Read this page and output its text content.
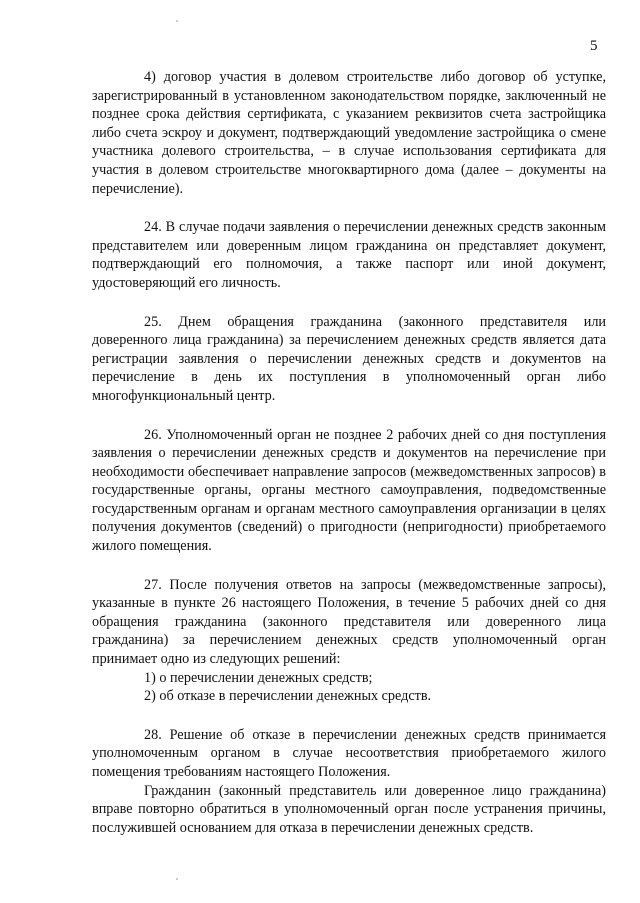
5

4) договор участия в долевом строительстве либо договор об уступке, зарегистрированный в установленном законодательством порядке, заключенный не позднее срока действия сертификата, с указанием реквизитов счета застройщика либо счета эскроу и документ, подтверждающий уведомление застройщика о смене участника долевого строительства, – в случае использования сертификата для участия в долевом строительстве многоквартирного дома (далее – документы на перечисление).

24. В случае подачи заявления о перечислении денежных средств законным представителем или доверенным лицом гражданина он представляет документ, подтверждающий его полномочия, а также паспорт или иной документ, удостоверяющий его личность.

25. Днем обращения гражданина (законного представителя или доверенного лица гражданина) за перечислением денежных средств является дата регистрации заявления о перечислении денежных средств и документов на перечисление в день их поступления в уполномоченный орган либо многофункциональный центр.

26. Уполномоченный орган не позднее 2 рабочих дней со дня поступления заявления о перечислении денежных средств и документов на перечисление при необходимости обеспечивает направление запросов (межведомственных запросов) в государственные органы, органы местного самоуправления, подведомственные государственным органам и органам местного самоуправления организации в целях получения документов (сведений) о пригодности (непригодности) приобретаемого жилого помещения.

27. После получения ответов на запросы (межведомственные запросы), указанные в пункте 26 настоящего Положения, в течение 5 рабочих дней со дня обращения гражданина (законного представителя или доверенного лица гражданина) за перечислением денежных средств уполномоченный орган принимает одно из следующих решений:

1) о перечислении денежных средств;

2) об отказе в перечислении денежных средств.

28. Решение об отказе в перечислении денежных средств принимается уполномоченным органом в случае несоответствия приобретаемого жилого помещения требованиям настоящего Положения.

Гражданин (законный представитель или доверенное лицо гражданина) вправе повторно обратиться в уполномоченный орган после устранения причины, послужившей основанием для отказа в перечислении денежных средств.
